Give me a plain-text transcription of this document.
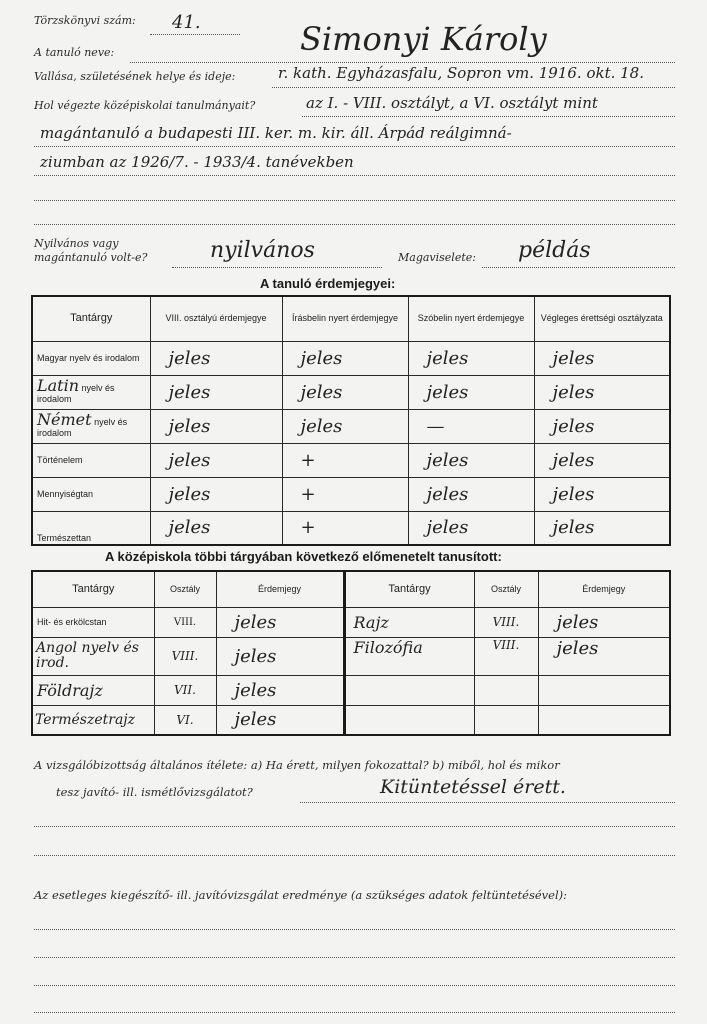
Törzskönyvi szám: 41.
A tanuló neve:	Simonyi Károly
Vallása, születésének helye és ideje:	r. kath. Egyházasfalu, Sopron vm. 1916. okt. 18.
Hol végezte középiskolai tanulmányait?	az I. - VIII. osztályt, a VI. osztályt mint
magántanuló a budapesti III. ker. m. kir. áll. Árpád reálgimná-
ziumban az 1926/7. - 1933/4. tanévekben
Nyilvános vagy
magántanuló volt-e?	nyilvános	Magaviselete: példás
A tanuló érdemjegyei:
Tantárgy	VIII. osztályú érdemjegye	Írásbelin nyert érdemjegye	Szóbelin nyert érdemjegye	Végleges érettségi osztályzata
Magyar nyelv és irodalom	jeles	jeles	jeles	jeles
Latin nyelv és
irodalom	jeles	jeles	jeles	jeles
Német nyelv és
irodalom	jeles	jeles	—	jeles
Történelem	jeles	+	jeles	jeles
Mennyiségtan	jeles	+	jeles	jeles
Természettan	jeles	+	jeles	jeles
A középiskola többi tárgyában következő előmenetelt tanusított:
Tantárgy	Osztály	Érdemjegy	Tantárgy	Osztály	Érdemjegy
Hit- és erkölcstan	VIII.	jeles	Rajz	VIII.	jeles
Angol nyelv és irod.	VIII.	jeles	Filozófia	VIII.	jeles
Földrajz	VII.	jeles			
Természetrajz	VI.	jeles			
A vizsgálóbizottság általános ítélete: a) Ha érett, milyen fokozattal? b) miből, hol és mikor
tesz javító- ill. ismétlővizsgálatot?	Kitüntetéssel érett.
Az esetleges kiegészítő- ill. javítóvizsgálat eredménye (a szükséges adatok feltüntetésével):
